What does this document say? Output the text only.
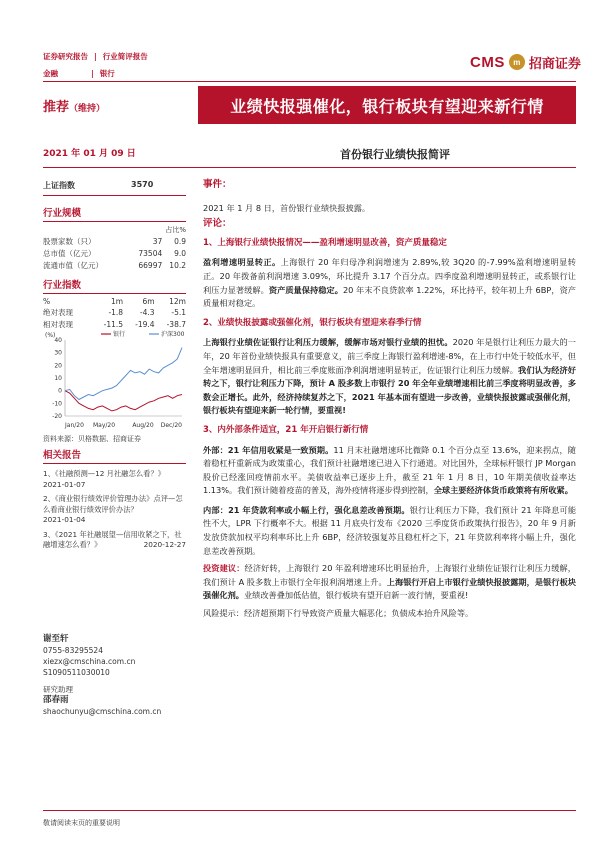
证券研究报告 | 行业简评报告
金融	| 银行
CMS	m 招商证券
推荐（维持）	业绩快报强催化，银行板块有望迎来新行情
2021 年 01 月 09 日	首份银行业绩快报简评
上证指数	3570
行业规模
占比%
股票家数（只）	37	0.9
总市值（亿元）	73504	9.0
流通市值（亿元）	66997	10.2
行业指数
%	1m	6m	12m
绝对表现	-1.8	-4.3	-5.1
相对表现	-11.5	-19.4	-38.7
(%)
40
30
20
10
0
-10
-20
Jan/20 May/20	Aug/20 Dec/20
银行	沪深300
资料来源：贝格数据、招商证券
相关报告
1、《社融预测—12 月社融怎么看？》
2021-01-07
2、《商业银行绩效评价管理办法》点评—怎么看商业银行绩效评价办法？
2021-01-04
3、《2021 年社融展望—信用收紧之下，社融增速怎么看？》	2020-12-27
谢至轩
0755-83295524
xiezx@cmschina.com.cn
S1090511030010
研究助理
邵春雨
shaochunyu@cmschina.com.cn
事件：

2021 年 1 月 8 日，首份银行业绩快报披露。

评论：
1、上海银行业绩快报情况——盈利增速明显改善，资产质量稳定

盈利增速明显转正。上海银行 20 年归母净利润增速为 2.89%,较 3Q20 的-7.99%盈利增速明显转正。20 年拨备前利润增速 3.09%，环比提升 3.17 个百分点。四季度盈利增速明显转正，或系银行让利压力显著缓解。资产质量保持稳定。20 年末不良贷款率 1.22%，环比持平，较年初上升 6BP，资产质量相对稳定。

2、业绩快报披露或强催化剂，银行板块有望迎来春季行情

上海银行业绩佐证银行让利压力缓解，缓解市场对银行业绩的担忧。2020 年是银行让利压力最大的一年，20 年首份业绩快报具有重要意义，前三季度上海银行盈利增速-8%，在上市行中处于较低水平，但全年增速明显回升，相比前三季度账面净利润增速明显转正，佐证银行让利压力缓解。我们认为经济好转之下，银行让利压力下降，预计 A 股多数上市银行 20 年全年业绩增速相比前三季度将明显改善，多数会正增长。此外，经济持续复苏之下，2021 年基本面有望进一步改善，业绩快报披露或强催化剂，银行板块有望迎来新一轮行情，要重视!

3、内外部条件适宜，21 年开启银行新行情

外部：21 年信用收紧是一致预期。11 月末社融增速环比微降 0.1 个百分点至 13.6%，迎来拐点，随着稳杠杆重新成为政策重心，我们预计社融增速已进入下行通道。对比国外，全球标杆银行 JP Morgan 股价已经涨回疫情前水平。美债收益率已逐步上升，截至 21 年 1 月 8 日，10 年期美债收益率达 1.13%。我们预计随着疫苗的普及，海外疫情将逐步得到控制，全球主要经济体货币政策将有所收紧。

内部：21 年贷款利率或小幅上行，强化息差改善预期。银行让利压力下降，我们预计 21 年降息可能性不大，LPR 下行概率不大。根据 11 月底央行发布《2020 三季度货币政策执行报告》，20 年 9 月新发放贷款加权平均利率环比上升 6BP，经济较强复苏且稳杠杆之下，21 年贷款利率将小幅上升，强化息差改善预期。

投资建议：经济好转，上海银行 20 年盈利增速环比明显抬升，上海银行业绩佐证银行让利压力缓解，我们预计 A 股多数上市银行全年报利润增速上升。上海银行开启上市银行业绩快报披露期，是银行板块强催化剂。业绩改善叠加低估值，银行板块有望开启新一波行情，要重视!

风险提示：经济超预期下行导致资产质量大幅恶化；负债成本抬升风险等。

敬请阅读末页的重要说明
